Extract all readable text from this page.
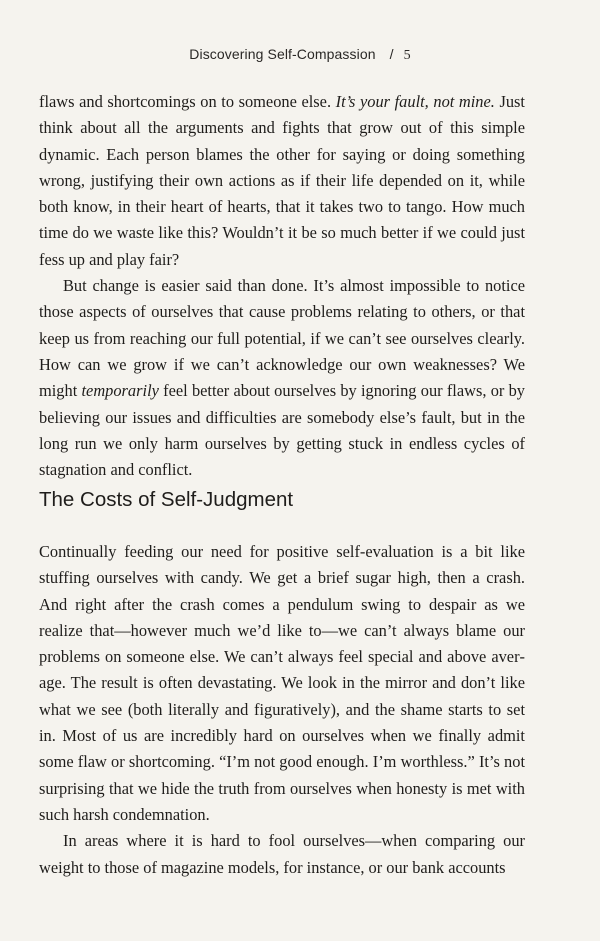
Discovering Self-Compassion / 5

flaws and shortcomings on to someone else. It’s your fault, not mine. Just think about all the arguments and fights that grow out of this simple dynamic. Each person blames the other for saying or doing something wrong, justifying their own actions as if their life depended on it, while both know, in their heart of hearts, that it takes two to tango. How much time do we waste like this? Wouldn’t it be so much better if we could just fess up and play fair?

But change is easier said than done. It’s almost impossible to notice those aspects of ourselves that cause problems relating to others, or that keep us from reaching our full potential, if we can’t see ourselves clearly. How can we grow if we can’t acknowledge our own weaknesses? We might temporarily feel better about ourselves by ignoring our flaws, or by believing our issues and difficulties are somebody else’s fault, but in the long run we only harm ourselves by getting stuck in endless cycles of stagnation and conflict.

The Costs of Self-Judgment

Continually feeding our need for positive self-evaluation is a bit like stuffing ourselves with candy. We get a brief sugar high, then a crash. And right after the crash comes a pendulum swing to despair as we realize that—however much we’d like to—we can’t always blame our problems on someone else. We can’t always feel special and above average. The result is often devastating. We look in the mirror and don’t like what we see (both literally and figuratively), and the shame starts to set in. Most of us are incredibly hard on ourselves when we finally admit some flaw or shortcoming. “I’m not good enough. I’m worthless.” It’s not surprising that we hide the truth from ourselves when honesty is met with such harsh condemnation.

In areas where it is hard to fool ourselves—when comparing our weight to those of magazine models, for instance, or our bank accounts
